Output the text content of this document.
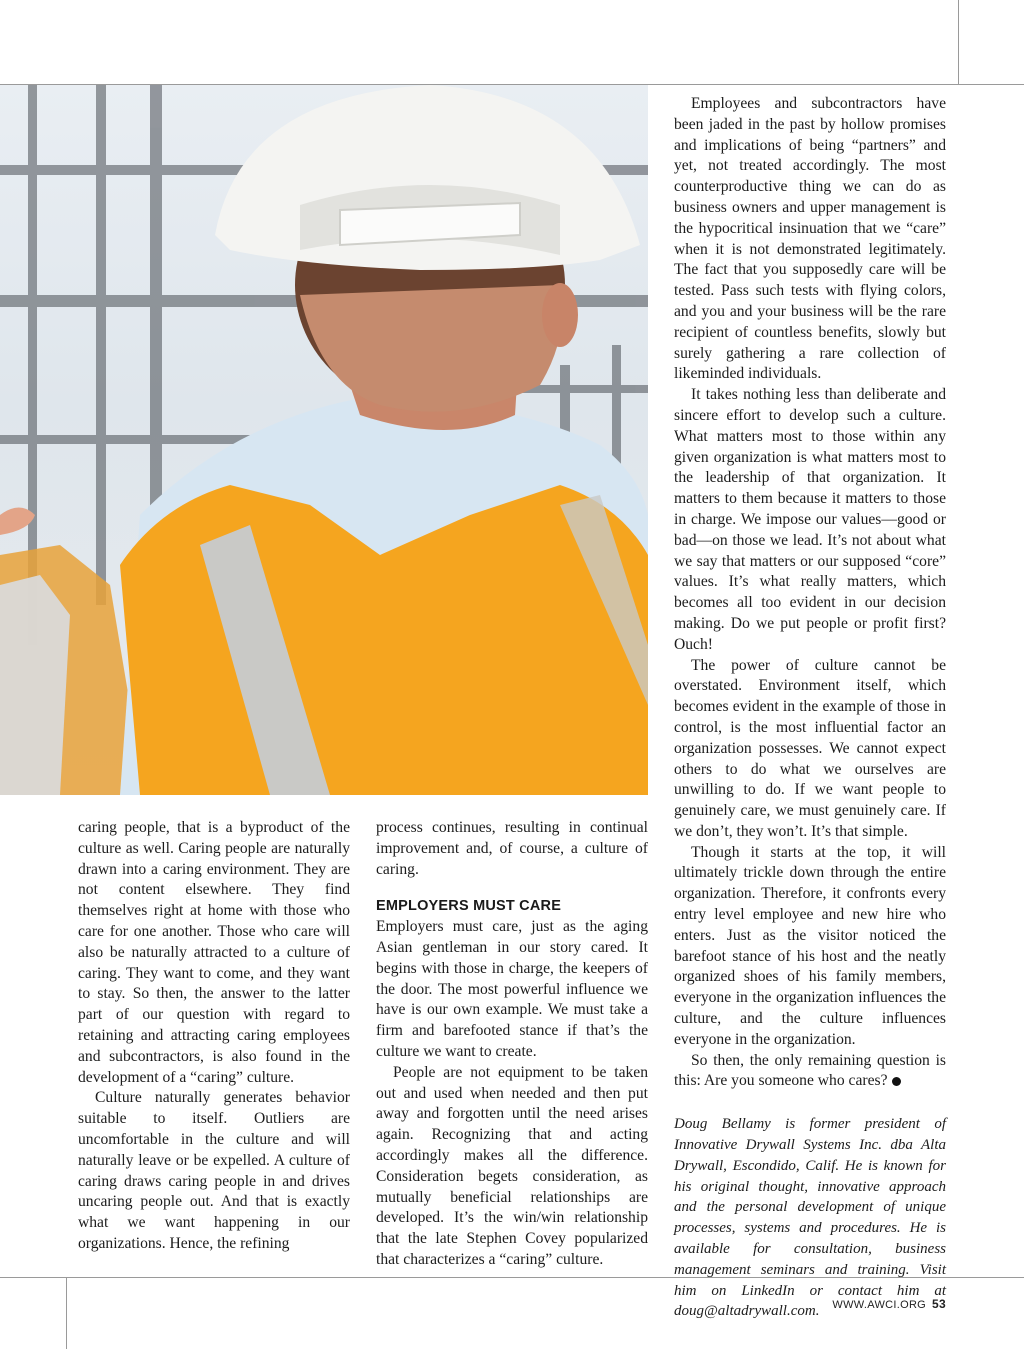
caring people, that is a byproduct of the culture as well. Caring people are naturally drawn into a caring environment. They are not content elsewhere. They find themselves right at home with those who care for one another. Those who care will also be naturally attracted to a culture of caring. They want to come, and they want to stay. So then, the answer to the latter part of our question with regard to retaining and attracting caring employees and subcontractors, is also found in the development of a “caring” culture.

Culture naturally generates behavior suitable to itself. Outliers are uncomfortable in the culture and will naturally leave or be expelled. A culture of caring draws caring people in and drives uncaring people out. And that is exactly what we want happening in our organizations. Hence, the refining

process continues, resulting in continual improvement and, of course, a culture of caring.

EMPLOYERS MUST CARE

Employers must care, just as the aging Asian gentleman in our story cared. It begins with those in charge, the keepers of the door. The most powerful influence we have is our own example. We must take a firm and barefooted stance if that’s the culture we want to create.

People are not equipment to be taken out and used when needed and then put away and forgotten until the need arises again. Recognizing that and acting accordingly makes all the difference. Consideration begets consideration, as mutually beneficial relationships are developed. It’s the win/win relationship that the late Stephen Covey popularized that characterizes a “caring” culture.

Employees and subcontractors have been jaded in the past by hollow promises and implications of being “partners” and yet, not treated accordingly. The most counterproductive thing we can do as business owners and upper management is the hypocritical insinuation that we “care” when it is not demonstrated legitimately. The fact that you supposedly care will be tested. Pass such tests with flying colors, and you and your business will be the rare recipient of countless benefits, slowly but surely gathering a rare collection of likeminded individuals.

It takes nothing less than deliberate and sincere effort to develop such a culture. What matters most to those within any given organization is what matters most to the leadership of that organization. It matters to them because it matters to those in charge. We impose our values—good or bad—on those we lead. It’s not about what we say that matters or our supposed “core” values. It’s what really matters, which becomes all too evident in our decision making. Do we put people or profit first? Ouch!

The power of culture cannot be overstated. Environment itself, which becomes evident in the example of those in control, is the most influential factor an organization possesses. We cannot expect others to do what we ourselves are unwilling to do. If we want people to genuinely care, we must genuinely care. If we don’t, they won’t. It’s that simple.

Though it starts at the top, it will ultimately trickle down through the entire organization. Therefore, it confronts every entry level employee and new hire who enters. Just as the visitor noticed the barefoot stance of his host and the neatly organized shoes of his family members, everyone in the organization influences the culture, and the culture influences everyone in the organization.

So then, the only remaining question is this: Are you someone who cares?

Doug Bellamy is former president of Innovative Drywall Systems Inc. dba Alta Drywall, Escondido, Calif. He is known for his original thought, innovative approach and the personal development of unique processes, systems and procedures. He is available for consultation, business management seminars and training. Visit him on LinkedIn or contact him at doug@altadrywall.com.	WWW.AWCI.ORG 53
